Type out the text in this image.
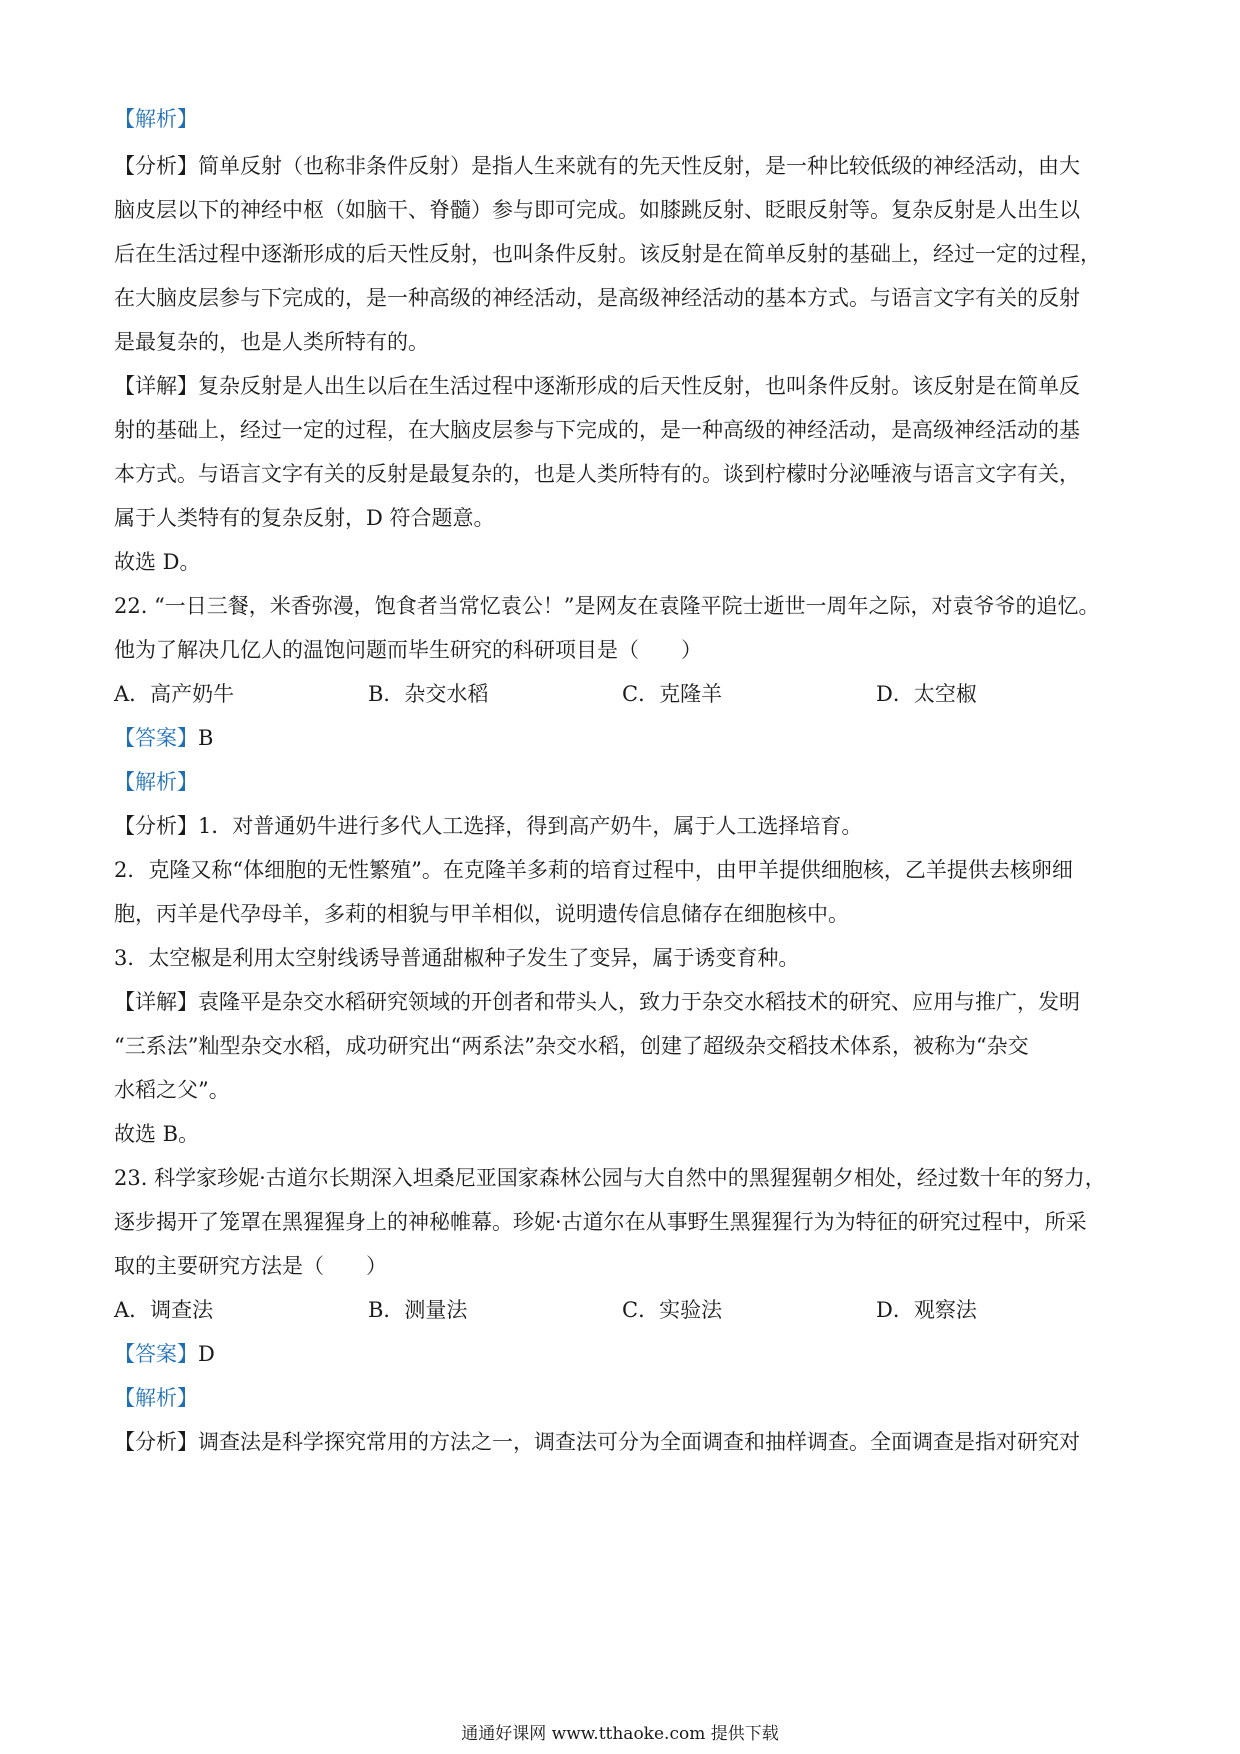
【解析】
【分析】简单反射（也称非条件反射）是指人生来就有的先天性反射，是一种比较低级的神经活动，由大
脑皮层以下的神经中枢（如脑干、脊髓）参与即可完成。如膝跳反射、眨眼反射等。复杂反射是人出生以
后在生活过程中逐渐形成的后天性反射，也叫条件反射。该反射是在简单反射的基础上，经过一定的过程，
在大脑皮层参与下完成的，是一种高级的神经活动，是高级神经活动的基本方式。与语言文字有关的反射
是最复杂的，也是人类所特有的。
【详解】复杂反射是人出生以后在生活过程中逐渐形成的后天性反射，也叫条件反射。该反射是在简单反
射的基础上，经过一定的过程，在大脑皮层参与下完成的，是一种高级的神经活动，是高级神经活动的基
本方式。与语言文字有关的反射是最复杂的，也是人类所特有的。谈到柠檬时分泌唾液与语言文字有关，
属于人类特有的复杂反射，D 符合题意。
故选 D。
22. “一日三餐，米香弥漫，饱食者当常忆袁公！”是网友在袁隆平院士逝世一周年之际，对袁爷爷的追忆。
他为了解决几亿人的温饱问题而毕生研究的科研项目是（　　）
A．高产奶牛	B．杂交水稻	C．克隆羊	D．太空椒
【答案】B
【解析】
【分析】1．对普通奶牛进行多代人工选择，得到高产奶牛，属于人工选择培育。
2．克隆又称“体细胞的无性繁殖”。在克隆羊多莉的培育过程中，由甲羊提供细胞核，乙羊提供去核卵细
胞，丙羊是代孕母羊，多莉的相貌与甲羊相似，说明遗传信息储存在细胞核中。
3．太空椒是利用太空射线诱导普通甜椒种子发生了变异，属于诱变育种。
【详解】袁隆平是杂交水稻研究领域的开创者和带头人，致力于杂交水稻技术的研究、应用与推广，发明
“三系法”籼型杂交水稻，成功研究出“两系法”杂交水稻，创建了超级杂交稻技术体系，被称为“杂交
水稻之父”。
故选 B。
23. 科学家珍妮·古道尔长期深入坦桑尼亚国家森林公园与大自然中的黑猩猩朝夕相处，经过数十年的努力，
逐步揭开了笼罩在黑猩猩身上的神秘帷幕。珍妮·古道尔在从事野生黑猩猩行为为特征的研究过程中，所采
取的主要研究方法是（　　）
A．调查法	B．测量法	C．实验法	D．观察法
【答案】D
【解析】
【分析】调查法是科学探究常用的方法之一，调查法可分为全面调查和抽样调查。全面调查是指对研究对
通通好课网 www.tthaoke.com 提供下载
